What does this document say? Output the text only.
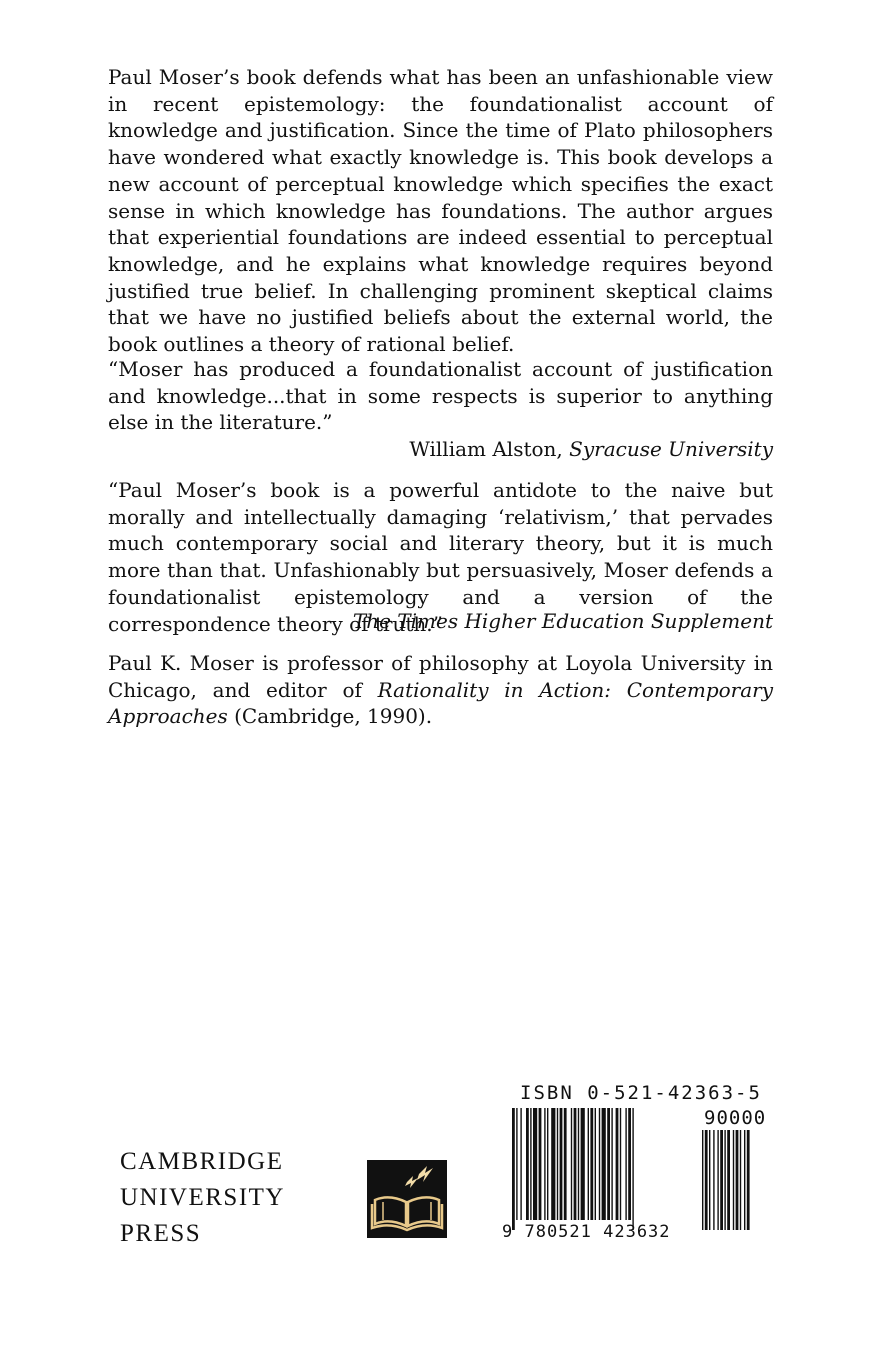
Paul Moser’s book defends what has been an unfashionable view in recent epistemology: the foundationalist account of knowledge and justification. Since the time of Plato philosophers have wondered what exactly knowledge is. This book develops a new account of perceptual knowledge which specifies the exact sense in which knowledge has foundations. The author argues that experiential foundations are indeed essential to perceptual knowledge, and he explains what knowledge requires beyond justified true belief. In challenging prominent skeptical claims that we have no justified beliefs about the external world, the book outlines a theory of rational belief.

“Moser has produced a foundationalist account of justification and knowledge...that in some respects is superior to anything else in the literature.”

William Alston, Syracuse University

“Paul Moser’s book is a powerful antidote to the naive but morally and intellectually damaging ‘relativism,’ that pervades much contemporary social and literary theory, but it is much more than that. Unfashionably but persuasively, Moser defends a foundationalist epistemology and a version of the correspondence theory of truth.”

The Times Higher Education Supplement

Paul K. Moser is professor of philosophy at Loyola University in Chicago, and editor of Rationality in Action: Contemporary Approaches (Cambridge, 1990).

CAMBRIDGE
UNIVERSITY
PRESS
ISBN 0-521-42363-5
90000
9 780521 423632
